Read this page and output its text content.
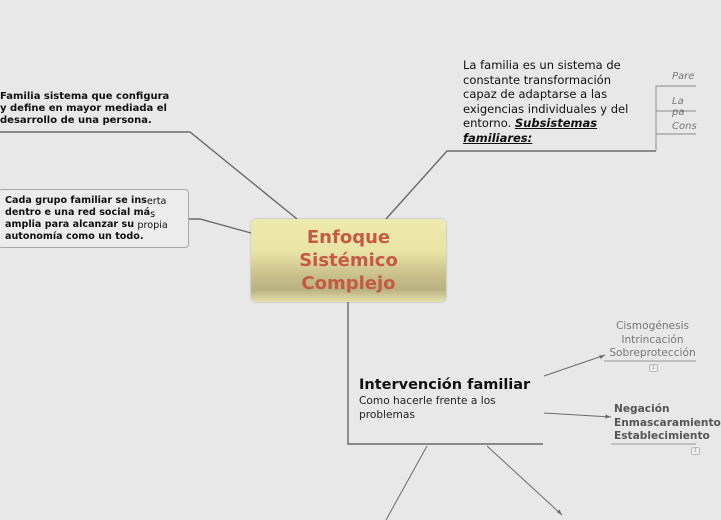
Enfoque
Sistémico
Complejo
Familia sistema que configura y define en mayor mediada el desarrollo de una persona.
Cada grupo familiar se inserta
dentro e una red social más
amplia para alcanzar su propia
autonomía como un todo.
La familia es un sistema de constante transformación capaz de adaptarse a las exigencias individuales y del entorno. Subsistemas familiares:
Pare
La pa
Cons
Intervención familiar
Como hacerle frente a los problemas
Cismogénesis
Intrincación
Sobreprotección
1
Negación
Enmascaramiento
Establecimiento
1
